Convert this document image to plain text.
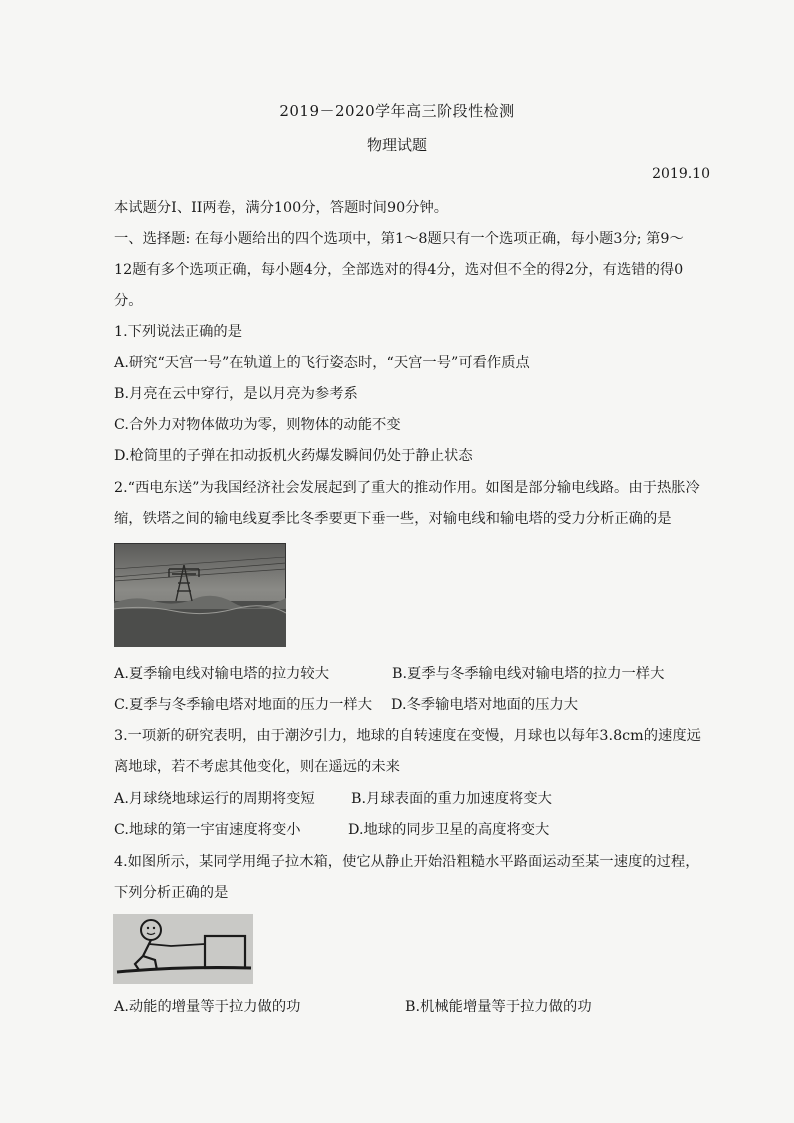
2019－2020学年高三阶段性检测
物理试题
2019.10
本试题分I、II两卷，满分100分，答题时间90分钟。
一、选择题: 在每小题给出的四个选项中，第1～8题只有一个选项正确，每小题3分; 第9～
12题有多个选项正确，每小题4分，全部选对的得4分，选对但不全的得2分，有选错的得0
分。
1.下列说法正确的是
A.研究“天宫一号”在轨道上的飞行姿态时，“天宫一号”可看作质点
B.月亮在云中穿行，是以月亮为参考系
C.合外力对物体做功为零，则物体的动能不变
D.枪筒里的子弹在扣动扳机火药爆发瞬间仍处于静止状态
2.“西电东送”为我国经济社会发展起到了重大的推动作用。如图是部分输电线路。由于热胀冷
缩，铁塔之间的输电线夏季比冬季要更下垂一些，对输电线和输电塔的受力分析正确的是
A.夏季输电线对输电塔的拉力较大	B.夏季与冬季输电线对输电塔的拉力一样大
C.夏季与冬季输电塔对地面的压力一样大 D.冬季输电塔对地面的压力大
3.一项新的研究表明，由于潮汐引力，地球的自转速度在变慢，月球也以每年3.8cm的速度远
离地球，若不考虑其他变化，则在遥远的未来
A.月球绕地球运行的周期将变短	B.月球表面的重力加速度将变大
C.地球的第一宇宙速度将变小	D.地球的同步卫星的高度将变大
4.如图所示，某同学用绳子拉木箱，使它从静止开始沿粗糙水平路面运动至某一速度的过程，
下列分析正确的是
A.动能的增量等于拉力做的功	B.机械能增量等于拉力做的功
